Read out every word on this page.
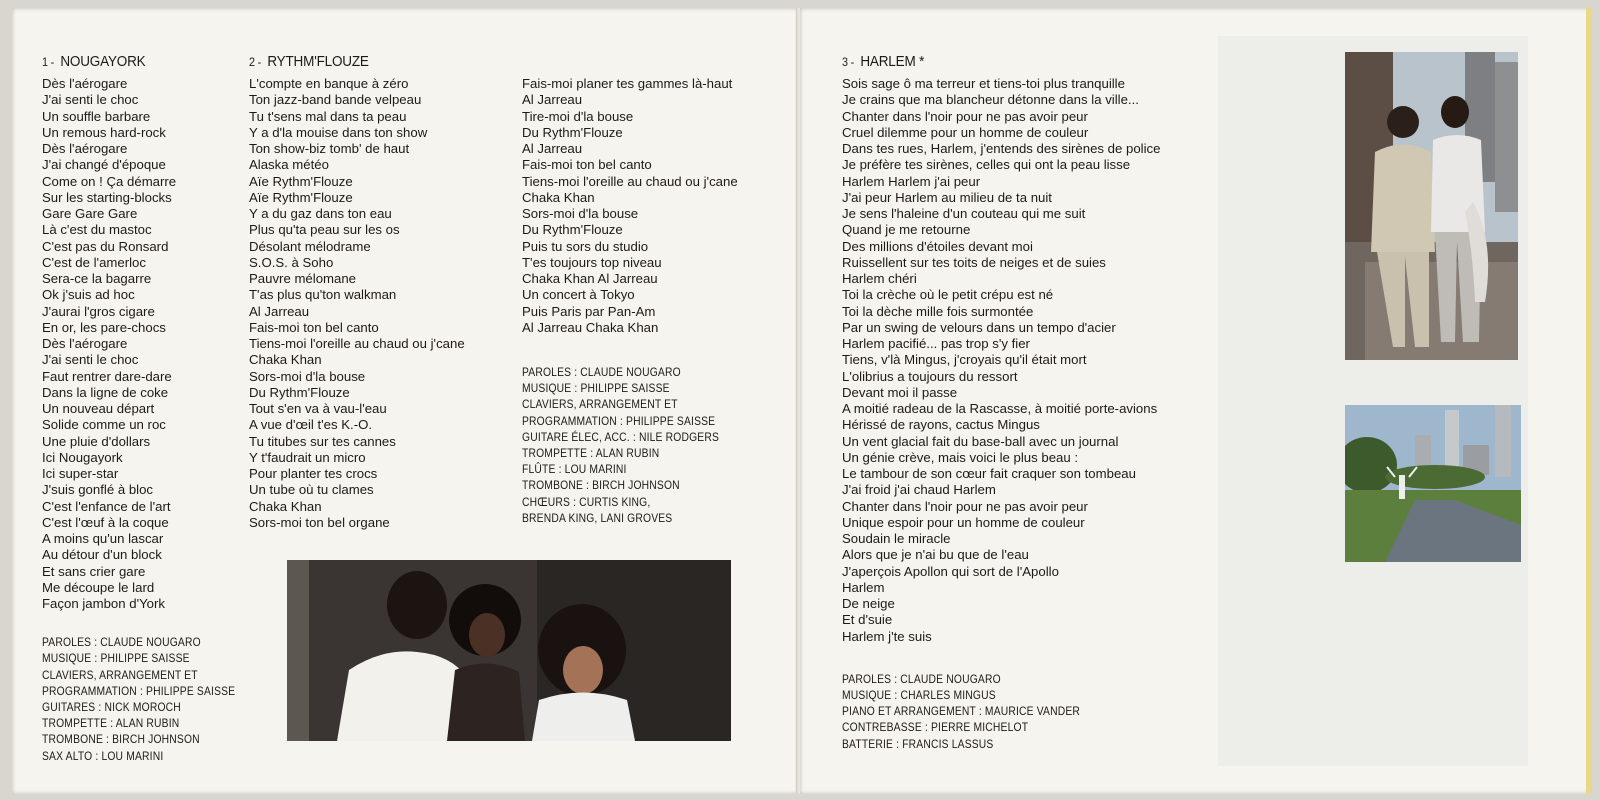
1 - NOUGAYORK
Dès l'aérogare
J'ai senti le choc
Un souffle barbare
Un remous hard-rock
Dès l'aérogare
J'ai changé d'époque
Come on ! Ça démarre
Sur les starting-blocks
Gare Gare Gare
Là c'est du mastoc
C'est pas du Ronsard
C'est de l'amerloc
Sera-ce la bagarre
Ok j'suis ad hoc
J'aurai l'gros cigare
En or, les pare-chocs
Dès l'aérogare
J'ai senti le choc
Faut rentrer dare-dare
Dans la ligne de coke
Un nouveau départ
Solide comme un roc
Une pluie d'dollars
Ici Nougayork
Ici super-star
J'suis gonflé à bloc
C'est l'enfance de l'art
C'est l'œuf à la coque
A moins qu'un lascar
Au détour d'un block
Et sans crier gare
Me découpe le lard
Façon jambon d'York
PAROLES : CLAUDE NOUGARO
MUSIQUE : PHILIPPE SAISSE
CLAVIERS, ARRANGEMENT ET
PROGRAMMATION : PHILIPPE SAISSE
GUITARES : NICK MOROCH
TROMPETTE : ALAN RUBIN
TROMBONE : BIRCH JOHNSON
SAX ALTO : LOU MARINI
2 - RYTHM'FLOUZE
L'compte en banque à zéro
Ton jazz-band bande velpeau
Tu t'sens mal dans ta peau
Y a d'la mouise dans ton show
Ton show-biz tomb' de haut
Alaska météo
Aïe Rythm'Flouze
Aïe Rythm'Flouze
Y a du gaz dans ton eau
Plus qu'ta peau sur les os
Désolant mélodrame
S.O.S. à Soho
Pauvre mélomane
T'as plus qu'ton walkman
Al Jarreau
Fais-moi ton bel canto
Tiens-moi l'oreille au chaud ou j'cane
Chaka Khan
Sors-moi d'la bouse
Du Rythm'Flouze
Tout s'en va à vau-l'eau
A vue d'œil t'es K.-O.
Tu titubes sur tes cannes
Y t'faudrait un micro
Pour planter tes crocs
Un tube où tu clames
Chaka Khan
Sors-moi ton bel organe
Fais-moi planer tes gammes là-haut
Al Jarreau
Tire-moi d'la bouse
Du Rythm'Flouze
Al Jarreau
Fais-moi ton bel canto
Tiens-moi l'oreille au chaud ou j'cane
Chaka Khan
Sors-moi d'la bouse
Du Rythm'Flouze
Puis tu sors du studio
T'es toujours top niveau
Chaka Khan Al Jarreau
Un concert à Tokyo
Puis Paris par Pan-Am
Al Jarreau Chaka Khan
PAROLES : CLAUDE NOUGARO
MUSIQUE : PHILIPPE SAISSE
CLAVIERS, ARRANGEMENT ET
PROGRAMMATION : PHILIPPE SAISSE
GUITARE ÉLEC, ACC. : NILE RODGERS
TROMPETTE : ALAN RUBIN
FLÛTE : LOU MARINI
TROMBONE : BIRCH JOHNSON
CHŒURS : CURTIS KING,
BRENDA KING, LANI GROVES
3 - HARLEM *
Sois sage ô ma terreur et tiens-toi plus tranquille
Je crains que ma blancheur détonne dans la ville...
Chanter dans l'noir pour ne pas avoir peur
Cruel dilemme pour un homme de couleur
Dans tes rues, Harlem, j'entends des sirènes de police
Je préfère tes sirènes, celles qui ont la peau lisse
Harlem Harlem j'ai peur
J'ai peur Harlem au milieu de ta nuit
Je sens l'haleine d'un couteau qui me suit
Quand je me retourne
Des millions d'étoiles devant moi
Ruissellent sur tes toits de neiges et de suies
Harlem chéri
Toi la crèche où le petit crépu est né
Toi la dèche mille fois surmontée
Par un swing de velours dans un tempo d'acier
Harlem pacifié... pas trop s'y fier
Tiens, v'là Mingus, j'croyais qu'il était mort
L'olibrius a toujours du ressort
Devant moi il passe
A moitié radeau de la Rascasse, à moitié porte-avions
Hérissé de rayons, cactus Mingus
Un vent glacial fait du base-ball avec un journal
Un génie crève, mais voici le plus beau :
Le tambour de son cœur fait craquer son tombeau
J'ai froid j'ai chaud Harlem
Chanter dans l'noir pour ne pas avoir peur
Unique espoir pour un homme de couleur
Soudain le miracle
Alors que je n'ai bu que de l'eau
J'aperçois Apollon qui sort de l'Apollo
Harlem
De neige
Et d'suie
Harlem j'te suis
PAROLES : CLAUDE NOUGARO
MUSIQUE : CHARLES MINGUS
PIANO ET ARRANGEMENT : MAURICE VANDER
CONTREBASSE : PIERRE MICHELOT
BATTERIE : FRANCIS LASSUS
